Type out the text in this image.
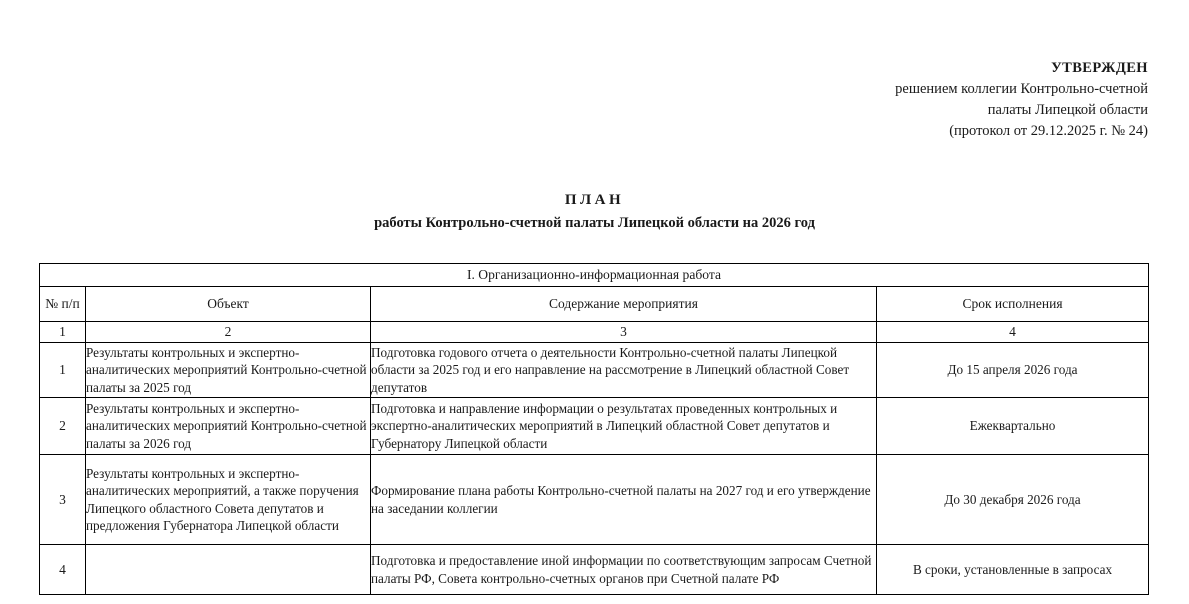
УТВЕРЖДЕН
решением коллегии Контрольно-счетной
палаты Липецкой области
(протокол от 29.12.2025 г. № 24)
ПЛАН
работы Контрольно-счетной палаты Липецкой области на 2026 год
I. Организационно-информационная работа			
№ п/п	Объект	Содержание мероприятия	Срок исполнения
1	2	3	4
1	Результаты контрольных и экспертно-аналитических мероприятий Контрольно-счетной палаты за 2025 год	Подготовка годового отчета о деятельности Контрольно-счетной палаты Липецкой области за 2025 год и его направление на рассмотрение в Липецкий областной Совет депутатов	До 15 апреля 2026 года
2	Результаты контрольных и экспертно-аналитических мероприятий Контрольно-счетной палаты за 2026 год	Подготовка и направление информации о результатах проведенных контрольных и экспертно-аналитических мероприятий в Липецкий областной Совет депутатов и Губернатору Липецкой области	Ежеквартально
3	Результаты контрольных и экспертно-аналитических мероприятий, а также поручения Липецкого областного Совета депутатов и предложения Губернатора Липецкой области	Формирование плана работы Контрольно-счетной палаты на 2027 год и его утверждение на заседании коллегии	До 30 декабря 2026 года
4		Подготовка и предоставление иной информации по соответствующим запросам Счетной палаты РФ, Совета контрольно-счетных органов при Счетной палате РФ	В сроки, установленные в запросах
